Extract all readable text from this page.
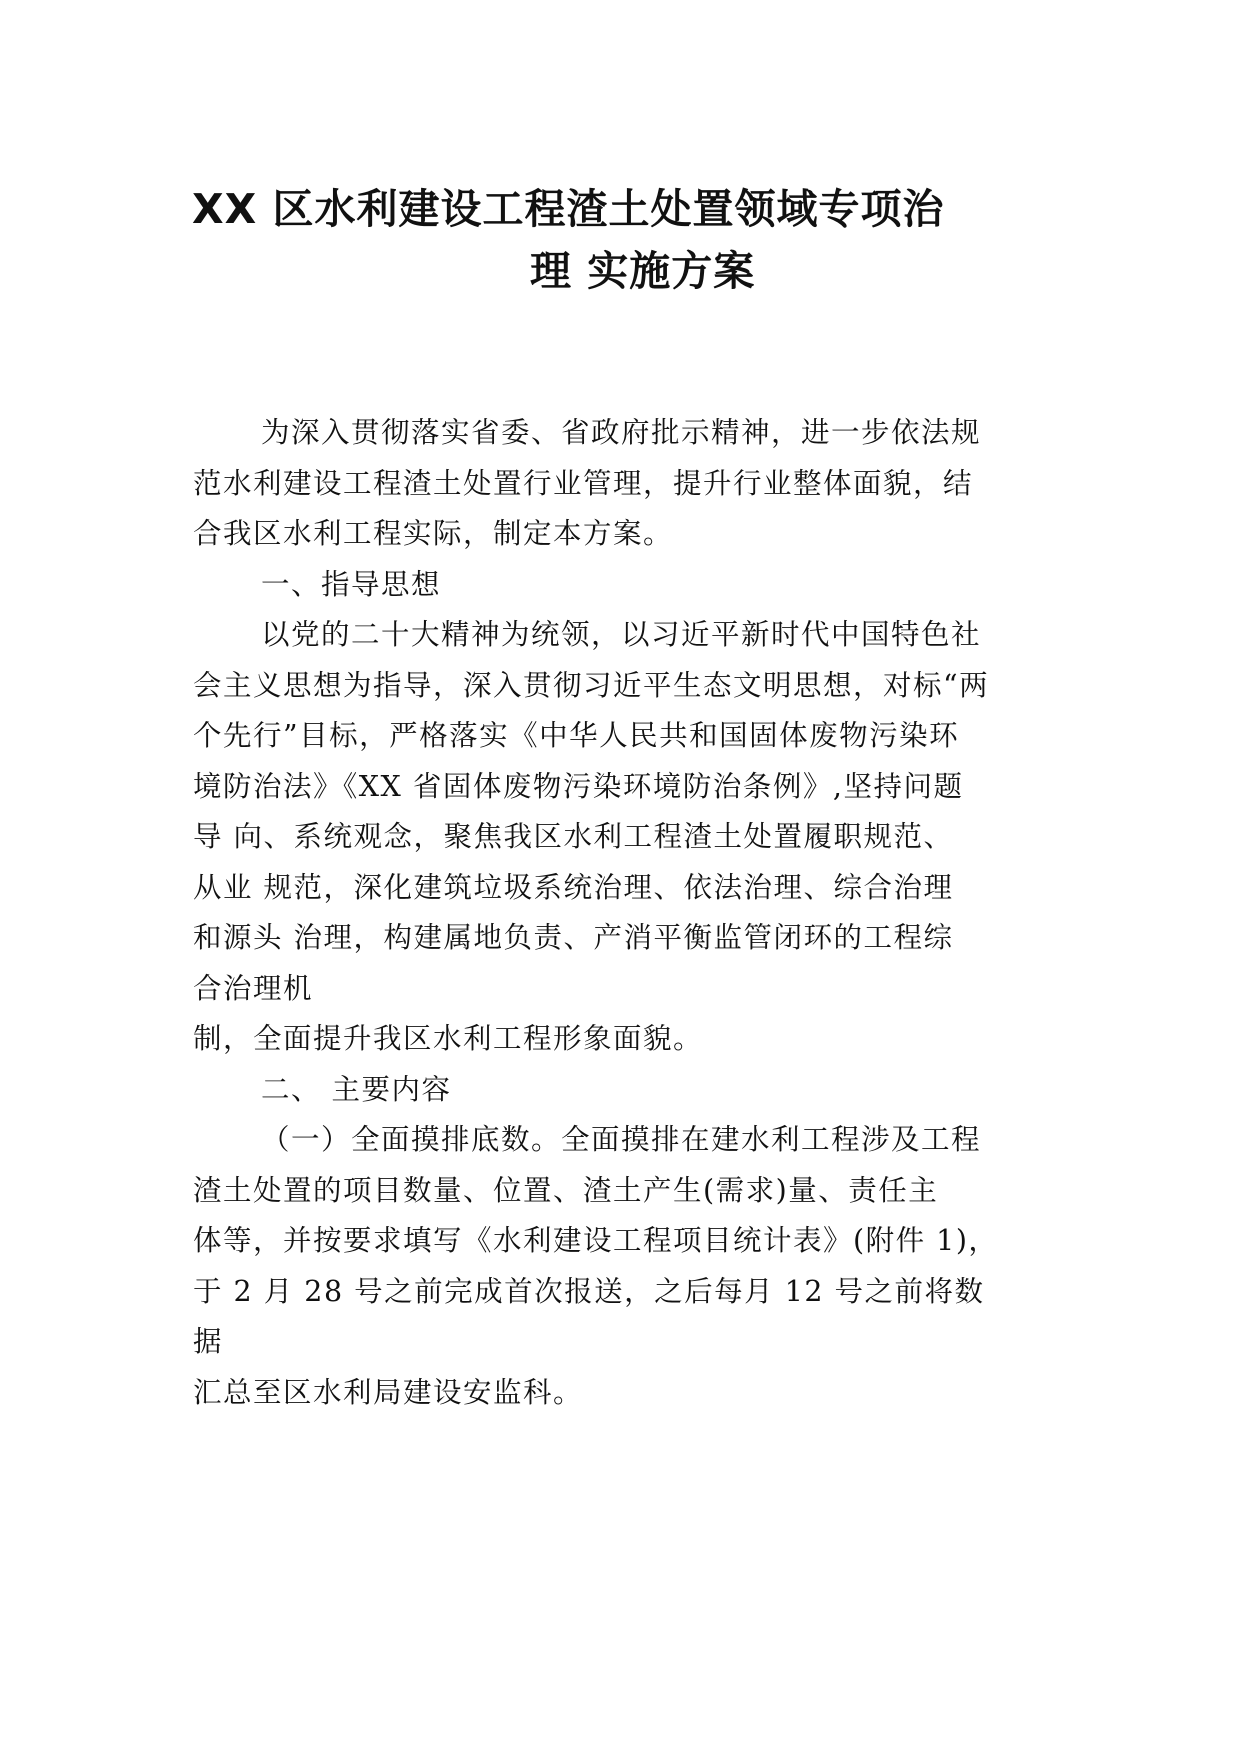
XX 区水利建设工程渣土处置领域专项治
理 实施方案
为深入贯彻落实省委、省政府批示精神，进一步依法规
范水利建设工程渣土处置行业管理，提升行业整体面貌，结
合我区水利工程实际，制定本方案。
一、指导思想
以党的二十大精神为统领，以习近平新时代中国特色社
会主义思想为指导，深入贯彻习近平生态文明思想，对标“两
个先行”目标，严格落实《中华人民共和国固体废物污染环
境防治法》《XX 省固体废物污染环境防治条例》,坚持问题
导 向、系统观念，聚焦我区水利工程渣土处置履职规范、
从业 规范，深化建筑垃圾系统治理、依法治理、综合治理
和源头 治理，构建属地负责、产消平衡监管闭环的工程综
合治理机
制，全面提升我区水利工程形象面貌。
二、 主要内容
（一）全面摸排底数。全面摸排在建水利工程涉及工程
渣土处置的项目数量、位置、渣土产生(需求)量、责任主
体等，并按要求填写《水利建设工程项目统计表》(附件 1)，
于 2 月 28 号之前完成首次报送，之后每月 12 号之前将数
据
汇总至区水利局建设安监科。
